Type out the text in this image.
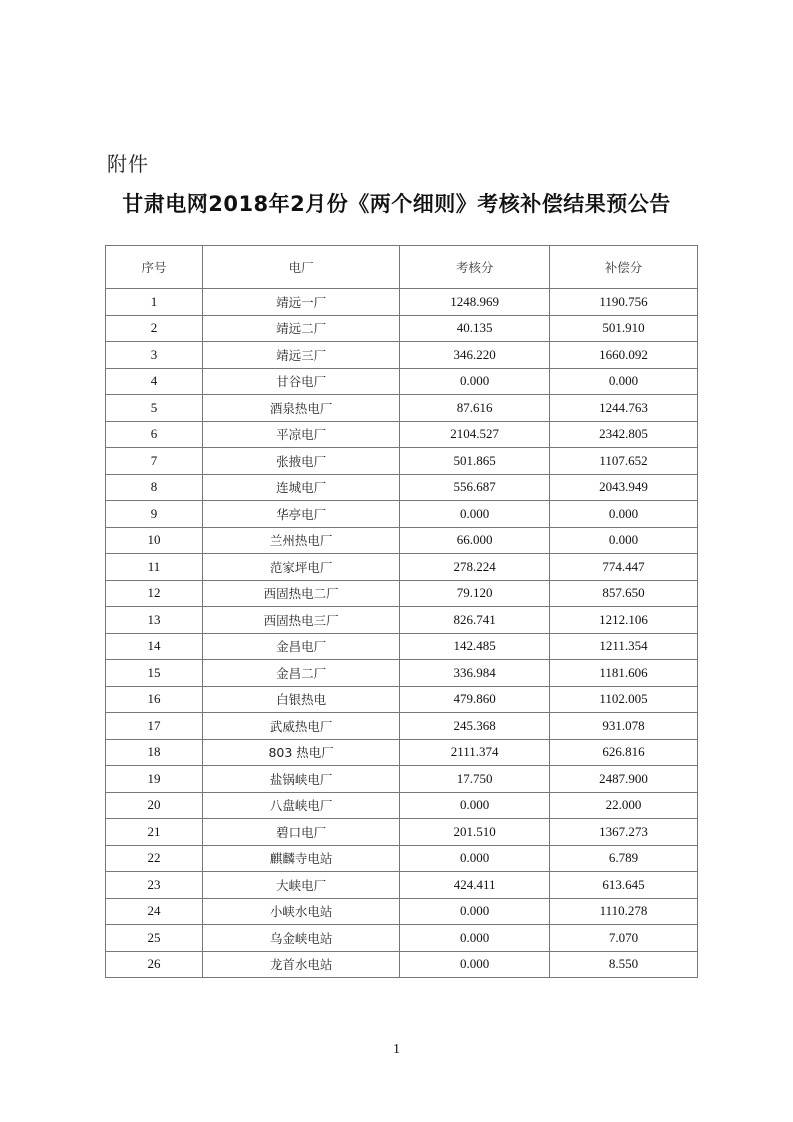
附件
甘肃电网2018年2月份《两个细则》考核补偿结果预公告
序号	电厂	考核分	补偿分
1	靖远一厂	1248.969	1190.756
2	靖远二厂	40.135	501.910
3	靖远三厂	346.220	1660.092
4	甘谷电厂	0.000	0.000
5	酒泉热电厂	87.616	1244.763
6	平凉电厂	2104.527	2342.805
7	张掖电厂	501.865	1107.652
8	连城电厂	556.687	2043.949
9	华亭电厂	0.000	0.000
10	兰州热电厂	66.000	0.000
11	范家坪电厂	278.224	774.447
12	西固热电二厂	79.120	857.650
13	西固热电三厂	826.741	1212.106
14	金昌电厂	142.485	1211.354
15	金昌二厂	336.984	1181.606
16	白银热电	479.860	1102.005
17	武威热电厂	245.368	931.078
18	803 热电厂	2111.374	626.816
19	盐锅峡电厂	17.750	2487.900
20	八盘峡电厂	0.000	22.000
21	碧口电厂	201.510	1367.273
22	麒麟寺电站	0.000	6.789
23	大峡电厂	424.411	613.645
24	小峡水电站	0.000	1110.278
25	乌金峡电站	0.000	7.070
26	龙首水电站	0.000	8.550
1
